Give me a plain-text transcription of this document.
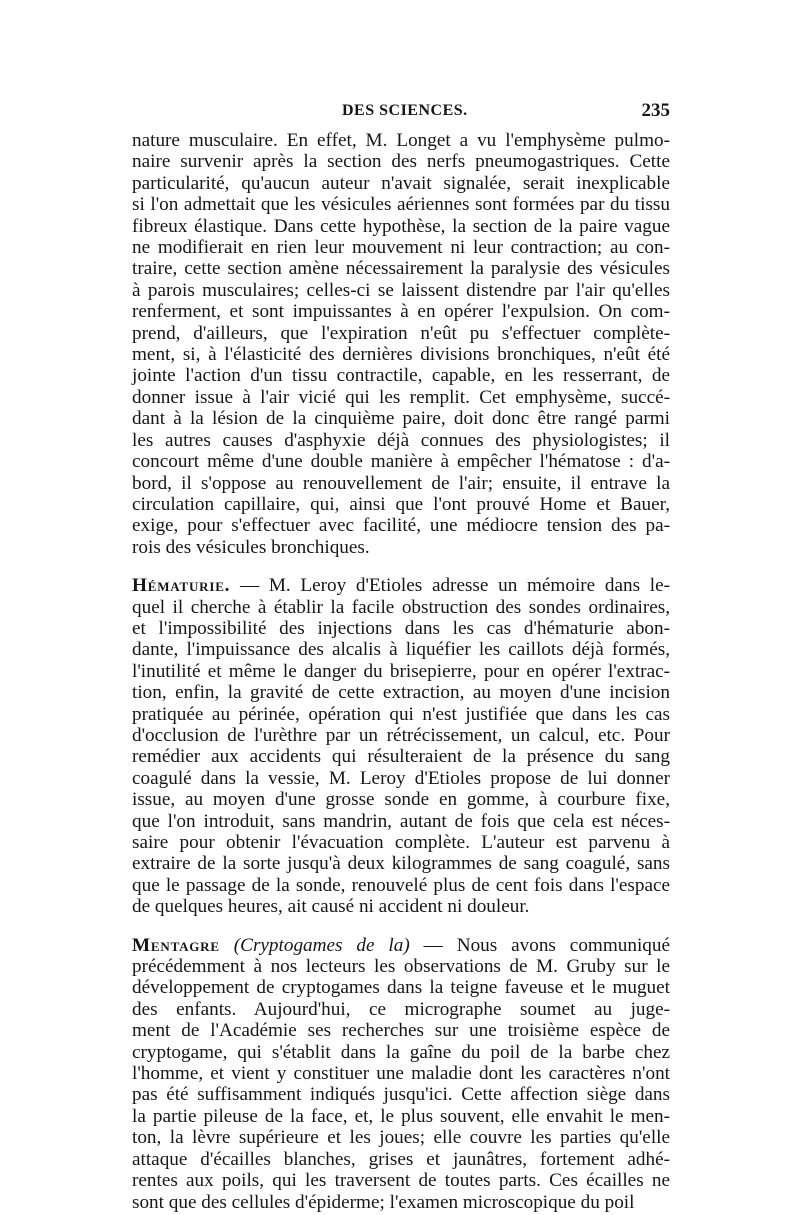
DES SCIENCES.	235
nature musculaire. En effet, M. Longet a vu l'emphysème pulmo-
naire survenir après la section des nerfs pneumogastriques. Cette
particularité, qu'aucun auteur n'avait signalée, serait inexplicable
si l'on admettait que les vésicules aériennes sont formées par du tissu
fibreux élastique. Dans cette hypothèse, la section de la paire vague
ne modifierait en rien leur mouvement ni leur contraction; au con-
traire, cette section amène nécessairement la paralysie des vésicules
à parois musculaires; celles-ci se laissent distendre par l'air qu'elles
renferment, et sont impuissantes à en opérer l'expulsion. On com-
prend, d'ailleurs, que l'expiration n'eût pu s'effectuer complète-
ment, si, à l'élasticité des dernières divisions bronchiques, n'eût été
jointe l'action d'un tissu contractile, capable, en les resserrant, de
donner issue à l'air vicié qui les remplit. Cet emphysème, succé-
dant à la lésion de la cinquième paire, doit donc être rangé parmi
les autres causes d'asphyxie déjà connues des physiologistes; il
concourt même d'une double manière à empêcher l'hématose : d'a-
bord, il s'oppose au renouvellement de l'air; ensuite, il entrave la
circulation capillaire, qui, ainsi que l'ont prouvé Home et Bauer,
exige, pour s'effectuer avec facilité, une médiocre tension des pa-
rois des vésicules bronchiques.
Hématurie. — M. Leroy d'Etioles adresse un mémoire dans le-
quel il cherche à établir la facile obstruction des sondes ordinaires,
et l'impossibilité des injections dans les cas d'hématurie abon-
dante, l'impuissance des alcalis à liquéfier les caillots déjà formés,
l'inutilité et même le danger du brisepierre, pour en opérer l'extrac-
tion, enfin, la gravité de cette extraction, au moyen d'une incision
pratiquée au périnée, opération qui n'est justifiée que dans les cas
d'occlusion de l'urèthre par un rétrécissement, un calcul, etc. Pour
remédier aux accidents qui résulteraient de la présence du sang
coagulé dans la vessie, M. Leroy d'Etioles propose de lui donner
issue, au moyen d'une grosse sonde en gomme, à courbure fixe,
que l'on introduit, sans mandrin, autant de fois que cela est néces-
saire pour obtenir l'évacuation complète. L'auteur est parvenu à
extraire de la sorte jusqu'à deux kilogrammes de sang coagulé, sans
que le passage de la sonde, renouvelé plus de cent fois dans l'espace
de quelques heures, ait causé ni accident ni douleur.
Mentagre (Cryptogames de la) — Nous avons communiqué
précédemment à nos lecteurs les observations de M. Gruby sur le
développement de cryptogames dans la teigne faveuse et le muguet
des enfants. Aujourd'hui, ce micrographe soumet au juge-
ment de l'Académie ses recherches sur une troisième espèce de
cryptogame, qui s'établit dans la gaîne du poil de la barbe chez
l'homme, et vient y constituer une maladie dont les caractères n'ont
pas été suffisamment indiqués jusqu'ici. Cette affection siège dans
la partie pileuse de la face, et, le plus souvent, elle envahit le men-
ton, la lèvre supérieure et les joues; elle couvre les parties qu'elle
attaque d'écailles blanches, grises et jaunâtres, fortement adhé-
rentes aux poils, qui les traversent de toutes parts. Ces écailles ne
sont que des cellules d'épiderme; l'examen microscopique du poil
